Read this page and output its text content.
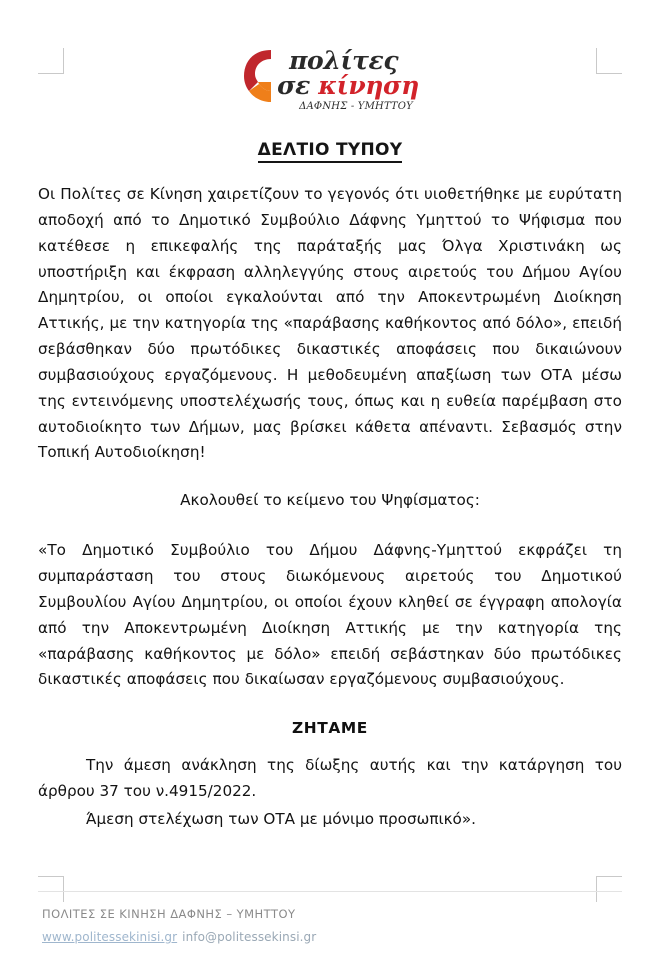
πολίτες
σε κίνηση
ΔΑΦΝΗΣ - ΥΜΗΤΤΟΥ
ΔΕΛΤΙΟ ΤΥΠΟΥ

Οι Πολίτες σε Κίνηση χαιρετίζουν το γεγονός ότι υιοθετήθηκε με ευρύτατη αποδοχή από το Δημοτικό Συμβούλιο Δάφνης Υμηττού το Ψήφισμα που κατέθεσε η επικεφαλής της παράταξής μας Όλγα Χριστινάκη ως υποστήριξη και έκφραση αλληλεγγύης στους αιρετούς του Δήμου Αγίου Δημητρίου, οι οποίοι εγκαλούνται από την Αποκεντρωμένη Διοίκηση Αττικής, με την κατηγορία της «παράβασης καθήκοντος από δόλο», επειδή σεβάσθηκαν δύο πρωτόδικες δικαστικές αποφάσεις που δικαιώνουν συμβασιούχους εργαζόμενους. Η μεθοδευμένη απαξίωση των ΟΤΑ μέσω της εντεινόμενης υποστελέχωσής τους, όπως και η ευθεία παρέμβαση στο αυτοδιοίκητο των Δήμων, μας βρίσκει κάθετα απέναντι. Σεβασμός στην Τοπική Αυτοδιοίκηση!

Ακολουθεί το κείμενο του Ψηφίσματος:

«Το Δημοτικό Συμβούλιο του Δήμου Δάφνης-Υμηττού εκφράζει τη συμπαράσταση του στους διωκόμενους αιρετούς του Δημοτικού Συμβουλίου Αγίου Δημητρίου, οι οποίοι έχουν κληθεί σε έγγραφη απολογία από την Αποκεντρωμένη Διοίκηση Αττικής με την κατηγορία της «παράβασης καθήκοντος με δόλο» επειδή σεβάστηκαν δύο πρωτόδικες δικαστικές αποφάσεις που δικαίωσαν εργαζόμενους συμβασιούχους.

ΖΗΤΑΜΕ

Την άμεση ανάκληση της δίωξης αυτής και την κατάργηση του άρθρου 37 του ν.4915/2022.

Άμεση στελέχωση των ΟΤΑ με μόνιμο προσωπικό».

ΠΟΛΙΤΕΣ ΣΕ ΚΙΝΗΣΗ ΔΑΦΝΗΣ – ΥΜΗΤΤΟΥ
www.politessekinisi.gr info@politessekinsi.gr
